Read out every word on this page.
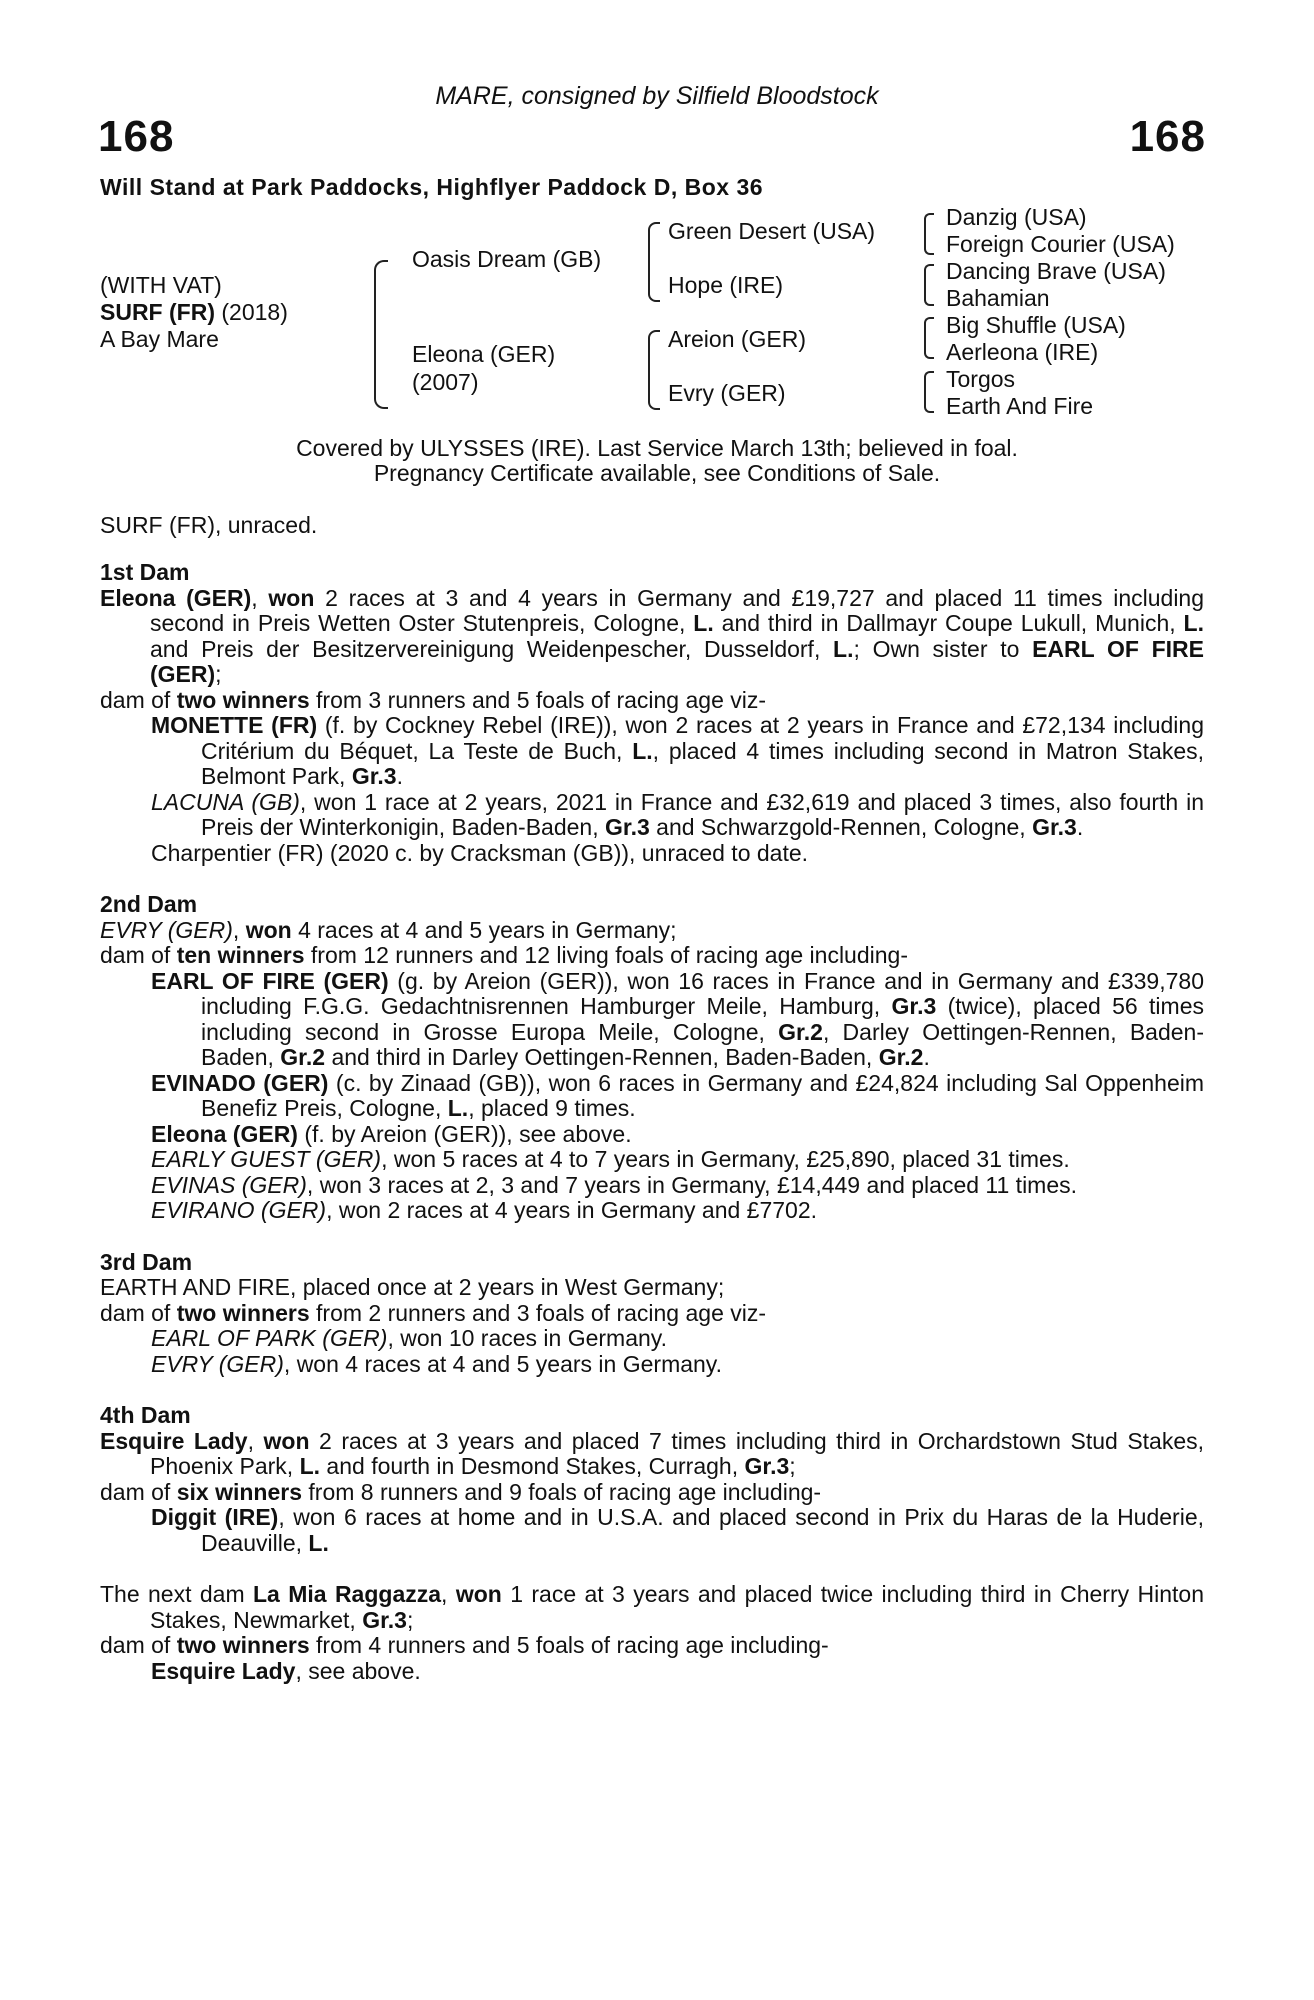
MARE, consigned by Silfield Bloodstock
168	168
Will Stand at Park Paddocks, Highflyer Paddock D, Box 36
(WITH VAT)
SURF (FR) (2018)
A Bay Mare
Oasis Dream (GB)
Eleona (GER)
(2007)
Green Desert (USA)
Hope (IRE)
Areion (GER)
Evry (GER)
Danzig (USA)
Foreign Courier (USA)
Dancing Brave (USA)
Bahamian
Big Shuffle (USA)
Aerleona (IRE)
Torgos
Earth And Fire
Covered by ULYSSES (IRE). Last Service March 13th; believed in foal.
Pregnancy Certificate available, see Conditions of Sale.
SURF (FR), unraced.

1st Dam

Eleona (GER), won 2 races at 3 and 4 years in Germany and £19,727 and placed 11 times including second in Preis Wetten Oster Stutenpreis, Cologne, L. and third in Dallmayr Coupe Lukull, Munich, L. and Preis der Besitzervereinigung Weidenpescher, Dusseldorf, L.; Own sister to EARL OF FIRE (GER);

dam of two winners from 3 runners and 5 foals of racing age viz-

MONETTE (FR) (f. by Cockney Rebel (IRE)), won 2 races at 2 years in France and £72,134 including Critérium du Béquet, La Teste de Buch, L., placed 4 times including second in Matron Stakes, Belmont Park, Gr.3.

LACUNA (GB), won 1 race at 2 years, 2021 in France and £32,619 and placed 3 times, also fourth in Preis der Winterkonigin, Baden-Baden, Gr.3 and Schwarzgold-Rennen, Cologne, Gr.3.

Charpentier (FR) (2020 c. by Cracksman (GB)), unraced to date.

2nd Dam

EVRY (GER), won 4 races at 4 and 5 years in Germany;

dam of ten winners from 12 runners and 12 living foals of racing age including-

EARL OF FIRE (GER) (g. by Areion (GER)), won 16 races in France and in Germany and £339,780 including F.G.G. Gedachtnisrennen Hamburger Meile, Hamburg, Gr.3 (twice), placed 56 times including second in Grosse Europa Meile, Cologne, Gr.2, Darley Oettingen-Rennen, Baden-Baden, Gr.2 and third in Darley Oettingen-Rennen, Baden-Baden, Gr.2.

EVINADO (GER) (c. by Zinaad (GB)), won 6 races in Germany and £24,824 including Sal Oppenheim Benefiz Preis, Cologne, L., placed 9 times.

Eleona (GER) (f. by Areion (GER)), see above.

EARLY GUEST (GER), won 5 races at 4 to 7 years in Germany, £25,890, placed 31 times.

EVINAS (GER), won 3 races at 2, 3 and 7 years in Germany, £14,449 and placed 11 times.

EVIRANO (GER), won 2 races at 4 years in Germany and £7702.

3rd Dam

EARTH AND FIRE, placed once at 2 years in West Germany;

dam of two winners from 2 runners and 3 foals of racing age viz-

EARL OF PARK (GER), won 10 races in Germany.

EVRY (GER), won 4 races at 4 and 5 years in Germany.

4th Dam

Esquire Lady, won 2 races at 3 years and placed 7 times including third in Orchardstown Stud Stakes, Phoenix Park, L. and fourth in Desmond Stakes, Curragh, Gr.3;

dam of six winners from 8 runners and 9 foals of racing age including-

Diggit (IRE), won 6 races at home and in U.S.A. and placed second in Prix du Haras de la Huderie, Deauville, L.

The next dam La Mia Raggazza, won 1 race at 3 years and placed twice including third in Cherry Hinton Stakes, Newmarket, Gr.3;

dam of two winners from 4 runners and 5 foals of racing age including-

Esquire Lady, see above.
